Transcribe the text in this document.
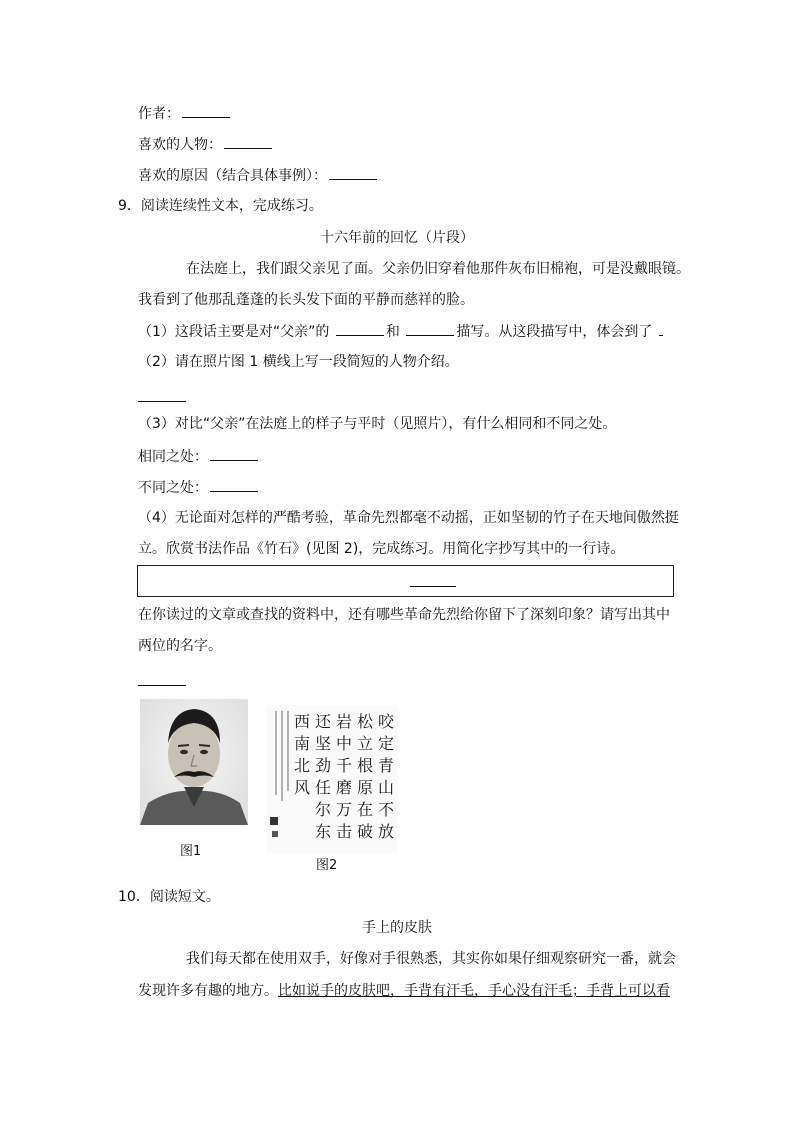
作者：
喜欢的人物：
喜欢的原因（结合具体事例）：
9．阅读连续性文本，完成练习。
十六年前的回忆（片段）
在法庭上，我们跟父亲见了面。父亲仍旧穿着他那件灰布旧棉袍，可是没戴眼镜。
我看到了他那乱蓬蓬的长头发下面的平静而慈祥的脸。
（1）这段话主要是对“父亲”的	和	描写。从这段描写中，体会到了
（2）请在照片图 1 横线上写一段简短的人物介绍。
（3）对比“父亲”在法庭上的样子与平时（见照片），有什么相同和不同之处。
相同之处：
不同之处：
（4）无论面对怎样的严酷考验，革命先烈都毫不动摇，正如坚韧的竹子在天地间傲然挺
立。欣赏书法作品《竹石》(见图 2)，完成练习。用简化字抄写其中的一行诗。
在你读过的文章或查找的资料中，还有哪些革命先烈给你留下了深刻印象？请写出其中
两位的名字。
图1
咬
定
青
山
不
放
松
立
根
原
在
破
岩
中
千
磨
万
击
还
坚
劲
任
尔
东
西
南
北
风
图2
10．阅读短文。
手上的皮肤
我们每天都在使用双手，好像对手很熟悉，其实你如果仔细观察研究一番，就会
发现许多有趣的地方。比如说手的皮肤吧，手背有汗毛，手心没有汗毛；手背上可以看
